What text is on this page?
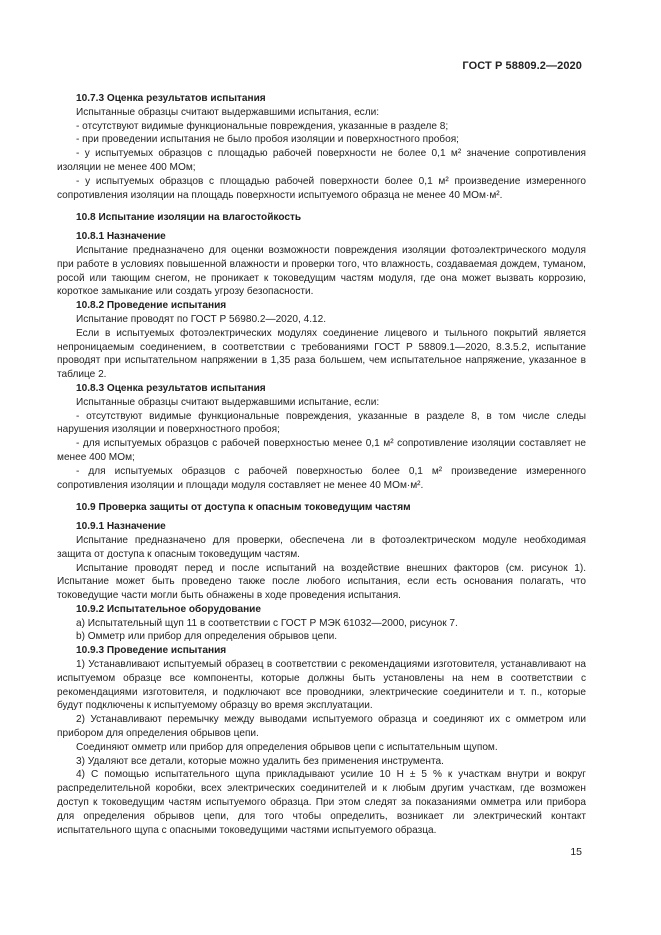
ГОСТ Р 58809.2—2020

10.7.3 Оценка результатов испытания

Испытанные образцы считают выдержавшими испытания, если:

- отсутствуют видимые функциональные повреждения, указанные в разделе 8;

- при проведении испытания не было пробоя изоляции и поверхностного пробоя;

- у испытуемых образцов с площадью рабочей поверхности не более 0,1 м² значение сопротивления изоляции не менее 400 МОм;

- у испытуемых образцов с площадью рабочей поверхности более 0,1 м² произведение измеренного сопротивления изоляции на площадь поверхности испытуемого образца не менее 40 МОм·м².

10.8 Испытание изоляции на влагостойкость

10.8.1 Назначение

Испытание предназначено для оценки возможности повреждения изоляции фотоэлектрического модуля при работе в условиях повышенной влажности и проверки того, что влажность, создаваемая дождем, туманом, росой или тающим снегом, не проникает к токоведущим частям модуля, где она может вызвать коррозию, короткое замыкание или создать угрозу безопасности.

10.8.2 Проведение испытания

Испытание проводят по ГОСТ Р 56980.2—2020, 4.12.

Если в испытуемых фотоэлектрических модулях соединение лицевого и тыльного покрытий является непроницаемым соединением, в соответствии с требованиями ГОСТ Р 58809.1—2020, 8.3.5.2, испытание проводят при испытательном напряжении в 1,35 раза большем, чем испытательное напряжение, указанное в таблице 2.

10.8.3 Оценка результатов испытания

Испытанные образцы считают выдержавшими испытание, если:

- отсутствуют видимые функциональные повреждения, указанные в разделе 8, в том числе следы нарушения изоляции и поверхностного пробоя;

- для испытуемых образцов с рабочей поверхностью менее 0,1 м² сопротивление изоляции составляет не менее 400 МОм;

- для испытуемых образцов с рабочей поверхностью более 0,1 м² произведение измеренного сопротивления изоляции и площади модуля составляет не менее 40 МОм·м².

10.9 Проверка защиты от доступа к опасным токоведущим частям

10.9.1 Назначение

Испытание предназначено для проверки, обеспечена ли в фотоэлектрическом модуле необходимая защита от доступа к опасным токоведущим частям.

Испытание проводят перед и после испытаний на воздействие внешних факторов (см. рисунок 1). Испытание может быть проведено также после любого испытания, если есть основания полагать, что токоведущие части могли быть обнажены в ходе проведения испытания.

10.9.2 Испытательное оборудование

а) Испытательный щуп 11 в соответствии с ГОСТ Р МЭК 61032—2000, рисунок 7.

b) Омметр или прибор для определения обрывов цепи.

10.9.3 Проведение испытания

1) Устанавливают испытуемый образец в соответствии с рекомендациями изготовителя, устанавливают на испытуемом образце все компоненты, которые должны быть установлены на нем в соответствии с рекомендациями изготовителя, и подключают все проводники, электрические соединители и т. п., которые будут подключены к испытуемому образцу во время эксплуатации.

2) Устанавливают перемычку между выводами испытуемого образца и соединяют их с омметром или прибором для определения обрывов цепи.

Соединяют омметр или прибор для определения обрывов цепи с испытательным щупом.

3) Удаляют все детали, которые можно удалить без применения инструмента.

4) С помощью испытательного щупа прикладывают усилие 10 Н ± 5 % к участкам внутри и вокруг распределительной коробки, всех электрических соединителей и к любым другим участкам, где возможен доступ к токоведущим частям испытуемого образца. При этом следят за показаниями омметра или прибора для определения обрывов цепи, для того чтобы определить, возникает ли электрический контакт испытательного щупа с опасными токоведущими частями испытуемого образца.

15
